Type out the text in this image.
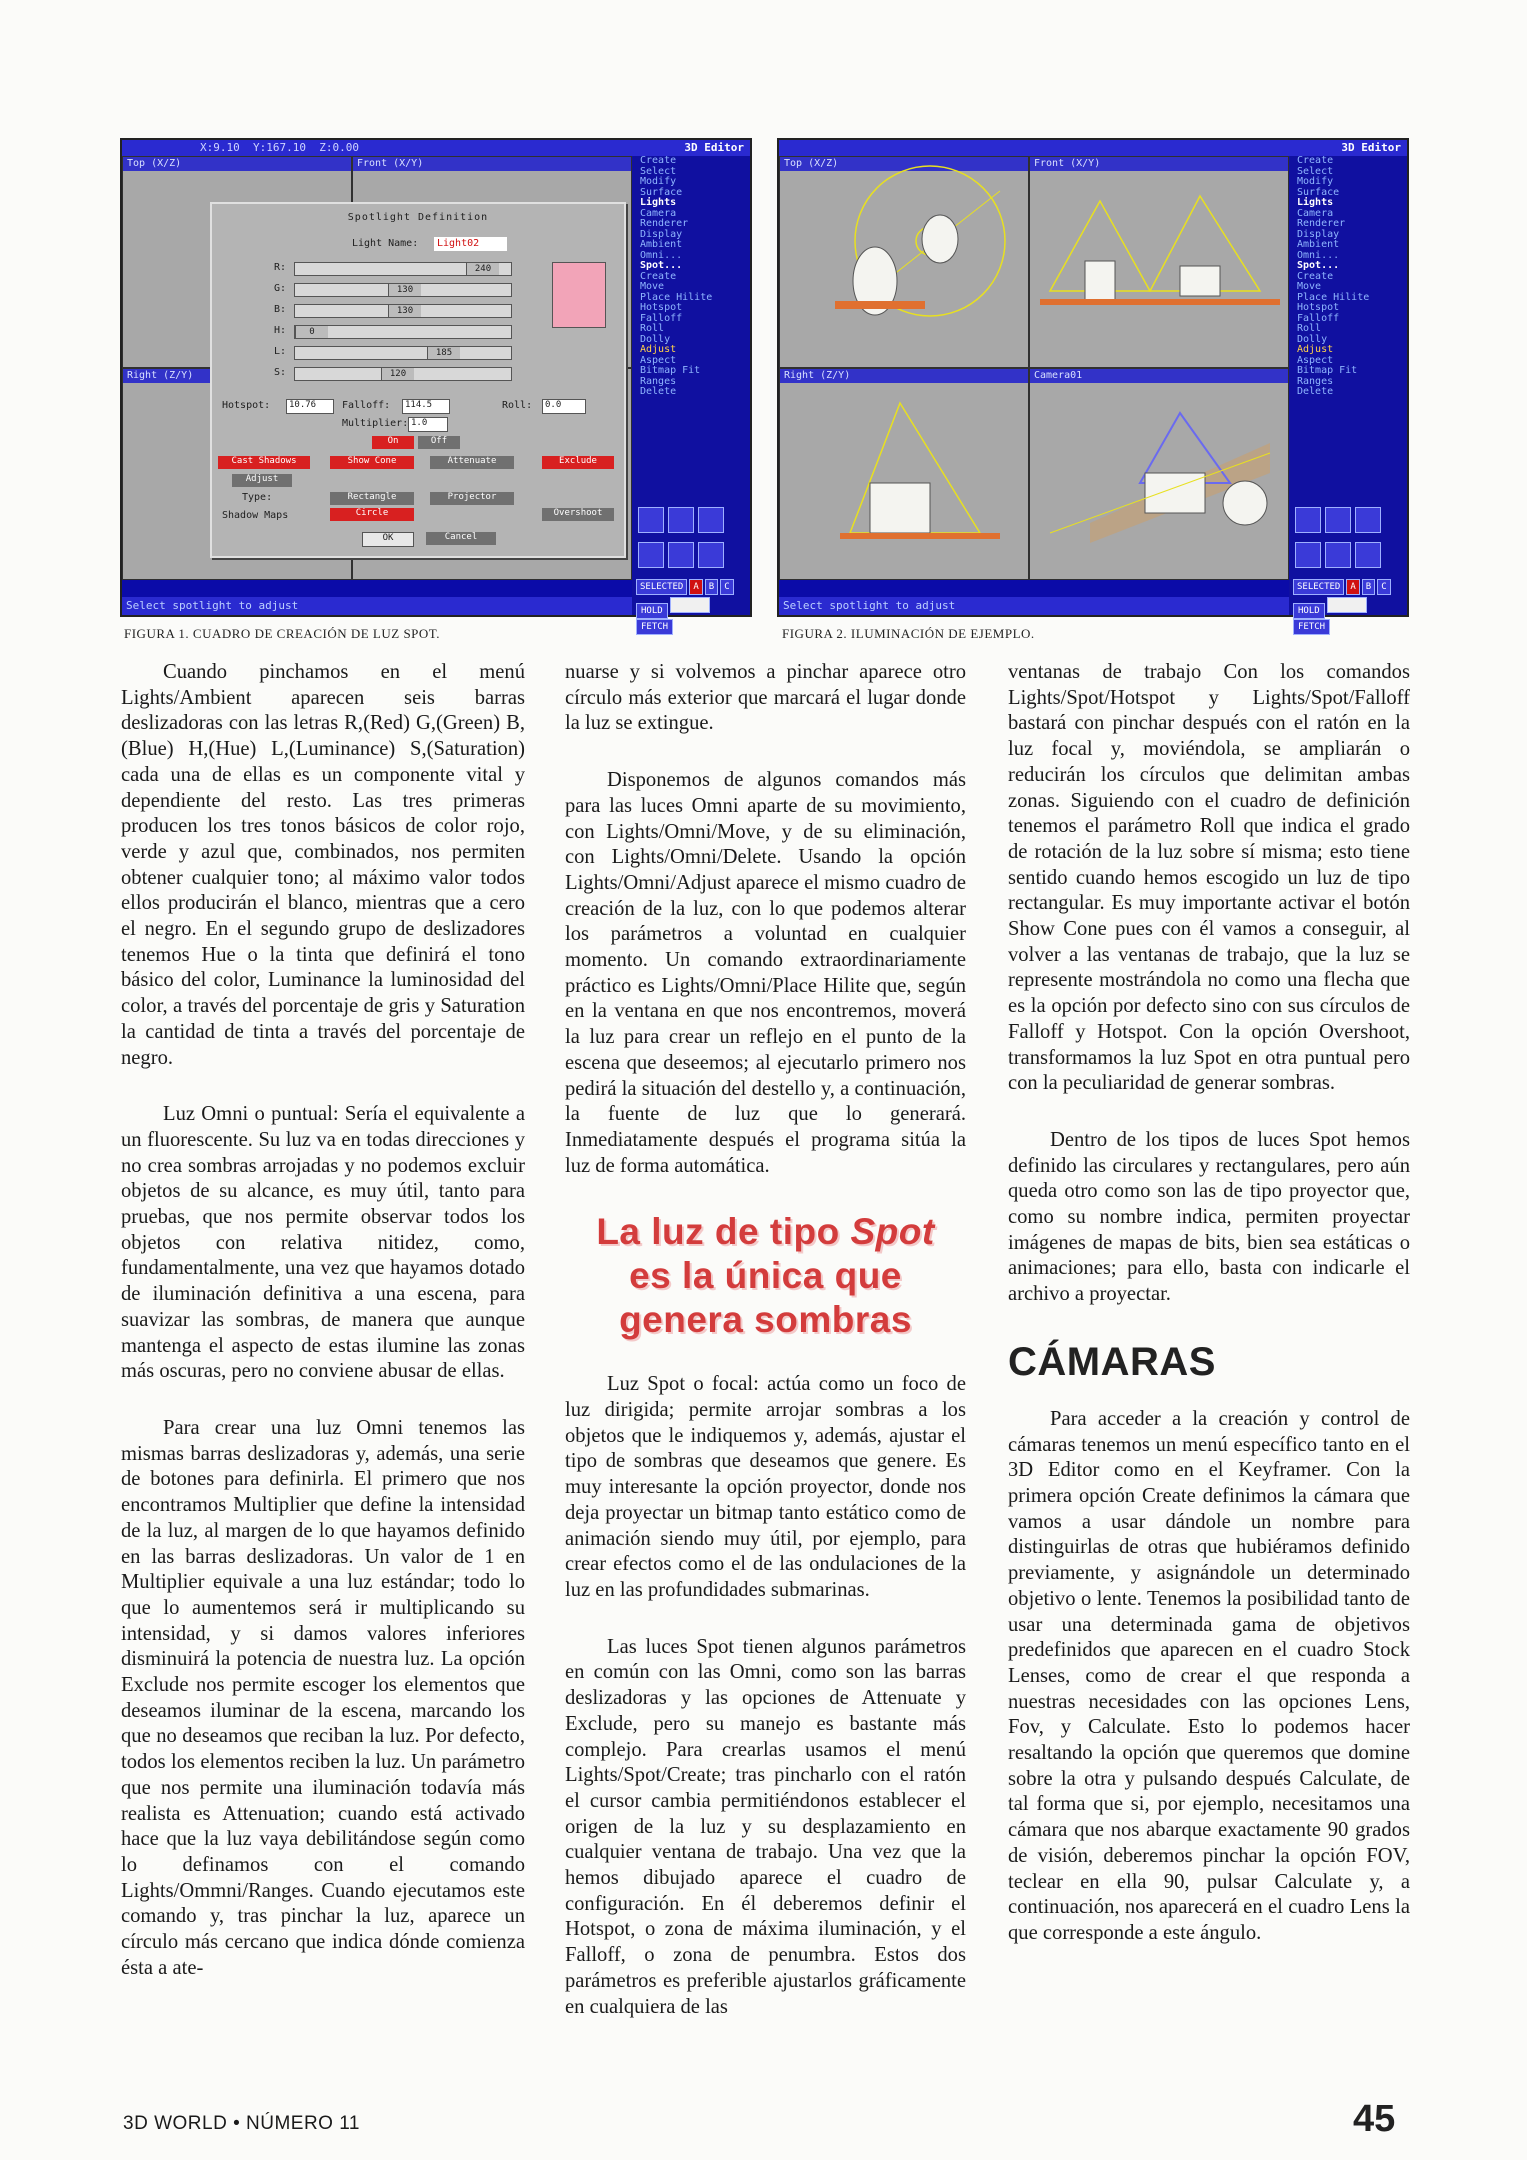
X:9.10  Y:167.10  Z:0.00
Top (X/Z)	Front (X/Y)
Right (Z/Y)
3D Editor
Create
Select
Modify
Surface
Lights
Camera
Renderer
Display
Ambient
Omni...
Spot...
Create
Move
Place Hilite
Hotspot
Falloff
Roll
Dolly
Adjust
Aspect
Bitmap Fit
Ranges
Delete
Spotlight Definition
Light Name:	Light02
R:	240
G:	130
B:	130
H:	0
L:	185
S:	120
Hotspot:	10.76	Falloff:	114.5	Roll:	0.0
Multiplier: 1.0
On	Off
Cast Shadows	Show Cone	Attenuate	Exclude
Adjust
Type:	Rectangle
Circle
Projector
Shadow Maps	Overshoot
OK	Cancel

SELECTED A B C
HOLDFETCH
Select spotlight to adjust
Top (X/Z)	Front (X/Y)
Right (Z/Y)	Camera01
3D Editor
Create
Select
Modify
Surface
Lights
Camera
Renderer
Display
Ambient
Omni...
Spot...
Create
Move
Place Hilite
Hotspot
Falloff
Roll
Dolly
Adjust
Aspect
Bitmap Fit
Ranges
Delete

SELECTED A B C
HOLDFETCH
Select spotlight to adjust
FIGURA 1. CUADRO DE CREACIÓN DE LUZ SPOT.	FIGURA 2. ILUMINACIÓN DE EJEMPLO.

Cuando pinchamos en el menú Lights/Ambient aparecen seis barras deslizadoras con las letras R,(Red) G,(Green) B,(Blue) H,(Hue) L,(Luminance) S,(Saturation) cada una de ellas es un componente vital y dependiente del resto. Las tres primeras producen los tres tonos básicos de color rojo, verde y azul que, combinados, nos permiten obtener cualquier tono; al máximo valor todos ellos producirán el blanco, mientras que a cero el negro. En el segundo grupo de deslizadores tenemos Hue o la tinta que definirá el tono básico del color, Luminance la luminosidad del color, a través del porcentaje de gris y Saturation la cantidad de tinta a través del porcentaje de negro.

Luz Omni o puntual: Sería el equivalente a un fluorescente. Su luz va en todas direcciones y no crea sombras arrojadas y no podemos excluir objetos de su alcance, es muy útil, tanto para pruebas, que nos permite observar todos los objetos con relativa nitidez, como, fundamentalmente, una vez que hayamos dotado de iluminación definitiva a una escena, para suavizar las sombras, de manera que aunque mantenga el aspecto de estas ilumine las zonas más oscuras, pero no conviene abusar de ellas.

Para crear una luz Omni tenemos las mismas barras deslizadoras y, además, una serie de botones para definirla. El primero que nos encontramos Multiplier que define la intensidad de la luz, al margen de lo que hayamos definido en las barras deslizadoras. Un valor de 1 en Multiplier equivale a una luz estándar; todo lo que lo aumentemos será ir multiplicando su intensidad, y si damos valores inferiores disminuirá la potencia de nuestra luz. La opción Exclude nos permite escoger los elementos que deseamos iluminar de la escena, marcando los que no deseamos que reciban la luz. Por defecto, todos los elementos reciben la luz. Un parámetro que nos permite una iluminación todavía más realista es Attenuation; cuando está activado hace que la luz vaya debilitándose según como lo definamos con el comando Lights/Ommni/Ranges. Cuando ejecutamos este comando y, tras pinchar la luz, aparece un círculo más cercano que indica dónde comienza ésta a ate-

nuarse y si volvemos a pinchar aparece otro círculo más exterior que marcará el lugar donde la luz se extingue.

Disponemos de algunos comandos más para las luces Omni aparte de su movimiento, con Lights/Omni/Move, y de su eliminación, con Lights/Omni/Delete. Usando la opción Lights/Omni/Adjust aparece el mismo cuadro de creación de la luz, con lo que podemos alterar los parámetros a voluntad en cualquier momento. Un comando extraordinariamente práctico es Lights/Omni/Place Hilite que, según en la ventana en que nos encontremos, moverá la luz para crear un reflejo en el punto de la escena que deseemos; al ejecutarlo primero nos pedirá la situación del destello y, a continuación, la fuente de luz que lo generará. Inmediatamente después el programa sitúa la luz de forma automática.

La luz de tipo Spot
es la única que
genera sombras

Luz Spot o focal: actúa como un foco de luz dirigida; permite arrojar sombras a los objetos que le indiquemos y, además, ajustar el tipo de sombras que deseamos que genere. Es muy interesante la opción proyector, donde nos deja proyectar un bitmap tanto estático como de animación siendo muy útil, por ejemplo, para crear efectos como el de las ondulaciones de la luz en las profundidades submarinas.

Las luces Spot tienen algunos parámetros en común con las Omni, como son las barras deslizadoras y las opciones de Attenuate y Exclude, pero su manejo es bastante más complejo. Para crearlas usamos el menú Lights/Spot/Create; tras pincharlo con el ratón el cursor cambia permitiéndonos establecer el origen de la luz y su desplazamiento en cualquier ventana de trabajo. Una vez que la hemos dibujado aparece el cuadro de configuración. En él deberemos definir el Hotspot, o zona de máxima iluminación, y el Falloff, o zona de penumbra. Estos dos parámetros es preferible ajustarlos gráficamente en cualquiera de las

ventanas de trabajo Con los comandos Lights/Spot/Hotspot y Lights/Spot/Falloff bastará con pinchar después con el ratón en la luz focal y, moviéndola, se ampliarán o reducirán los círculos que delimitan ambas zonas. Siguiendo con el cuadro de definición tenemos el parámetro Roll que indica el grado de rotación de la luz sobre sí misma; esto tiene sentido cuando hemos escogido un luz de tipo rectangular. Es muy importante activar el botón Show Cone pues con él vamos a conseguir, al volver a las ventanas de trabajo, que la luz se represente mostrándola no como una flecha que es la opción por defecto sino con sus círculos de Falloff y Hotspot. Con la opción Overshoot, transformamos la luz Spot en otra puntual pero con la peculiaridad de generar sombras.

Dentro de los tipos de luces Spot hemos definido las circulares y rectangulares, pero aún queda otro como son las de tipo proyector que, como su nombre indica, permiten proyectar imágenes de mapas de bits, bien sea estáticas o animaciones; para ello, basta con indicarle el archivo a proyectar.

CÁMARAS

Para acceder a la creación y control de cámaras tenemos un menú específico tanto en el 3D Editor como en el Keyframer. Con la primera opción Create definimos la cámara que vamos a usar dándole un nombre para distinguirlas de otras que hubiéramos definido previamente, y asignándole un determinado objetivo o lente. Tenemos la posibilidad tanto de usar una determinada gama de objetivos predefinidos que aparecen en el cuadro Stock Lenses, como de crear el que responda a nuestras necesidades con las opciones Lens, Fov, y Calculate. Esto lo podemos hacer resaltando la opción que queremos que domine sobre la otra y pulsando después Calculate, de tal forma que si, por ejemplo, necesitamos una cámara que nos abarque exactamente 90 grados de visión, deberemos pinchar la opción FOV, teclear en ella 90, pulsar Calculate y, a continuación, nos aparecerá en el cuadro Lens la que corresponde a este ángulo.

3D WORLD • NÚMERO 11	45
